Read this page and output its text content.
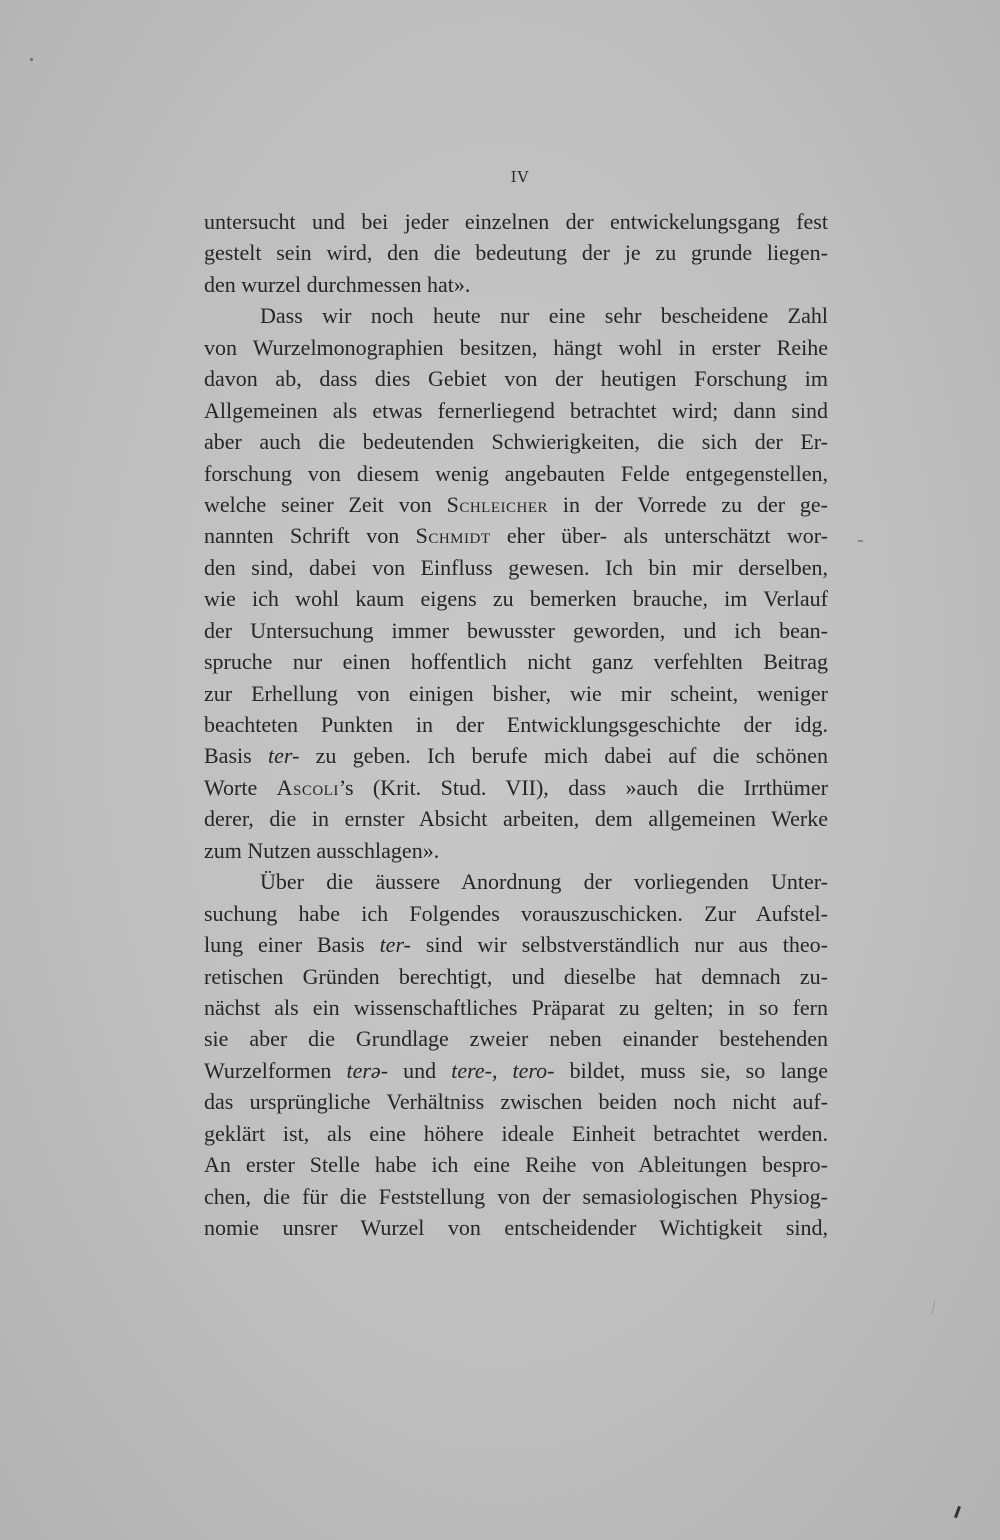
IV
untersucht und bei jeder einzelnen der entwickelungsgang fest
gestelt sein wird, den die bedeutung der je zu grunde liegen-
den wurzel durchmessen hat».
Dass wir noch heute nur eine sehr bescheidene Zahl
von Wurzelmonographien besitzen, hängt wohl in erster Reihe
davon ab, dass dies Gebiet von der heutigen Forschung im
Allgemeinen als etwas fernerliegend betrachtet wird; dann sind
aber auch die bedeutenden Schwierigkeiten, die sich der Er-
forschung von diesem wenig angebauten Felde entgegenstellen,
welche seiner Zeit von Schleicher in der Vorrede zu der ge-
nannten Schrift von Schmidt eher über- als unterschätzt wor-
den sind, dabei von Einfluss gewesen. Ich bin mir derselben,
wie ich wohl kaum eigens zu bemerken brauche, im Verlauf
der Untersuchung immer bewusster geworden, und ich bean-
spruche nur einen hoffentlich nicht ganz verfehlten Beitrag
zur Erhellung von einigen bisher, wie mir scheint, weniger
beachteten Punkten in der Entwicklungsgeschichte der idg.
Basis ter- zu geben. Ich berufe mich dabei auf die schönen
Worte Ascoli’s (Krit. Stud. VII), dass »auch die Irrthümer
derer, die in ernster Absicht arbeiten, dem allgemeinen Werke
zum Nutzen ausschlagen».
Über die äussere Anordnung der vorliegenden Unter-
suchung habe ich Folgendes vorauszuschicken. Zur Aufstel-
lung einer Basis ter- sind wir selbstverständlich nur aus theo-
retischen Gründen berechtigt, und dieselbe hat demnach zu-
nächst als ein wissenschaftliches Präparat zu gelten; in so fern
sie aber die Grundlage zweier neben einander bestehenden
Wurzelformen terə- und tere-, tero- bildet, muss sie, so lange
das ursprüngliche Verhältniss zwischen beiden noch nicht auf-
geklärt ist, als eine höhere ideale Einheit betrachtet werden.
An erster Stelle habe ich eine Reihe von Ableitungen bespro-
chen, die für die Feststellung von der semasiologischen Physiog-
nomie unsrer Wurzel von entscheidender Wichtigkeit sind,
